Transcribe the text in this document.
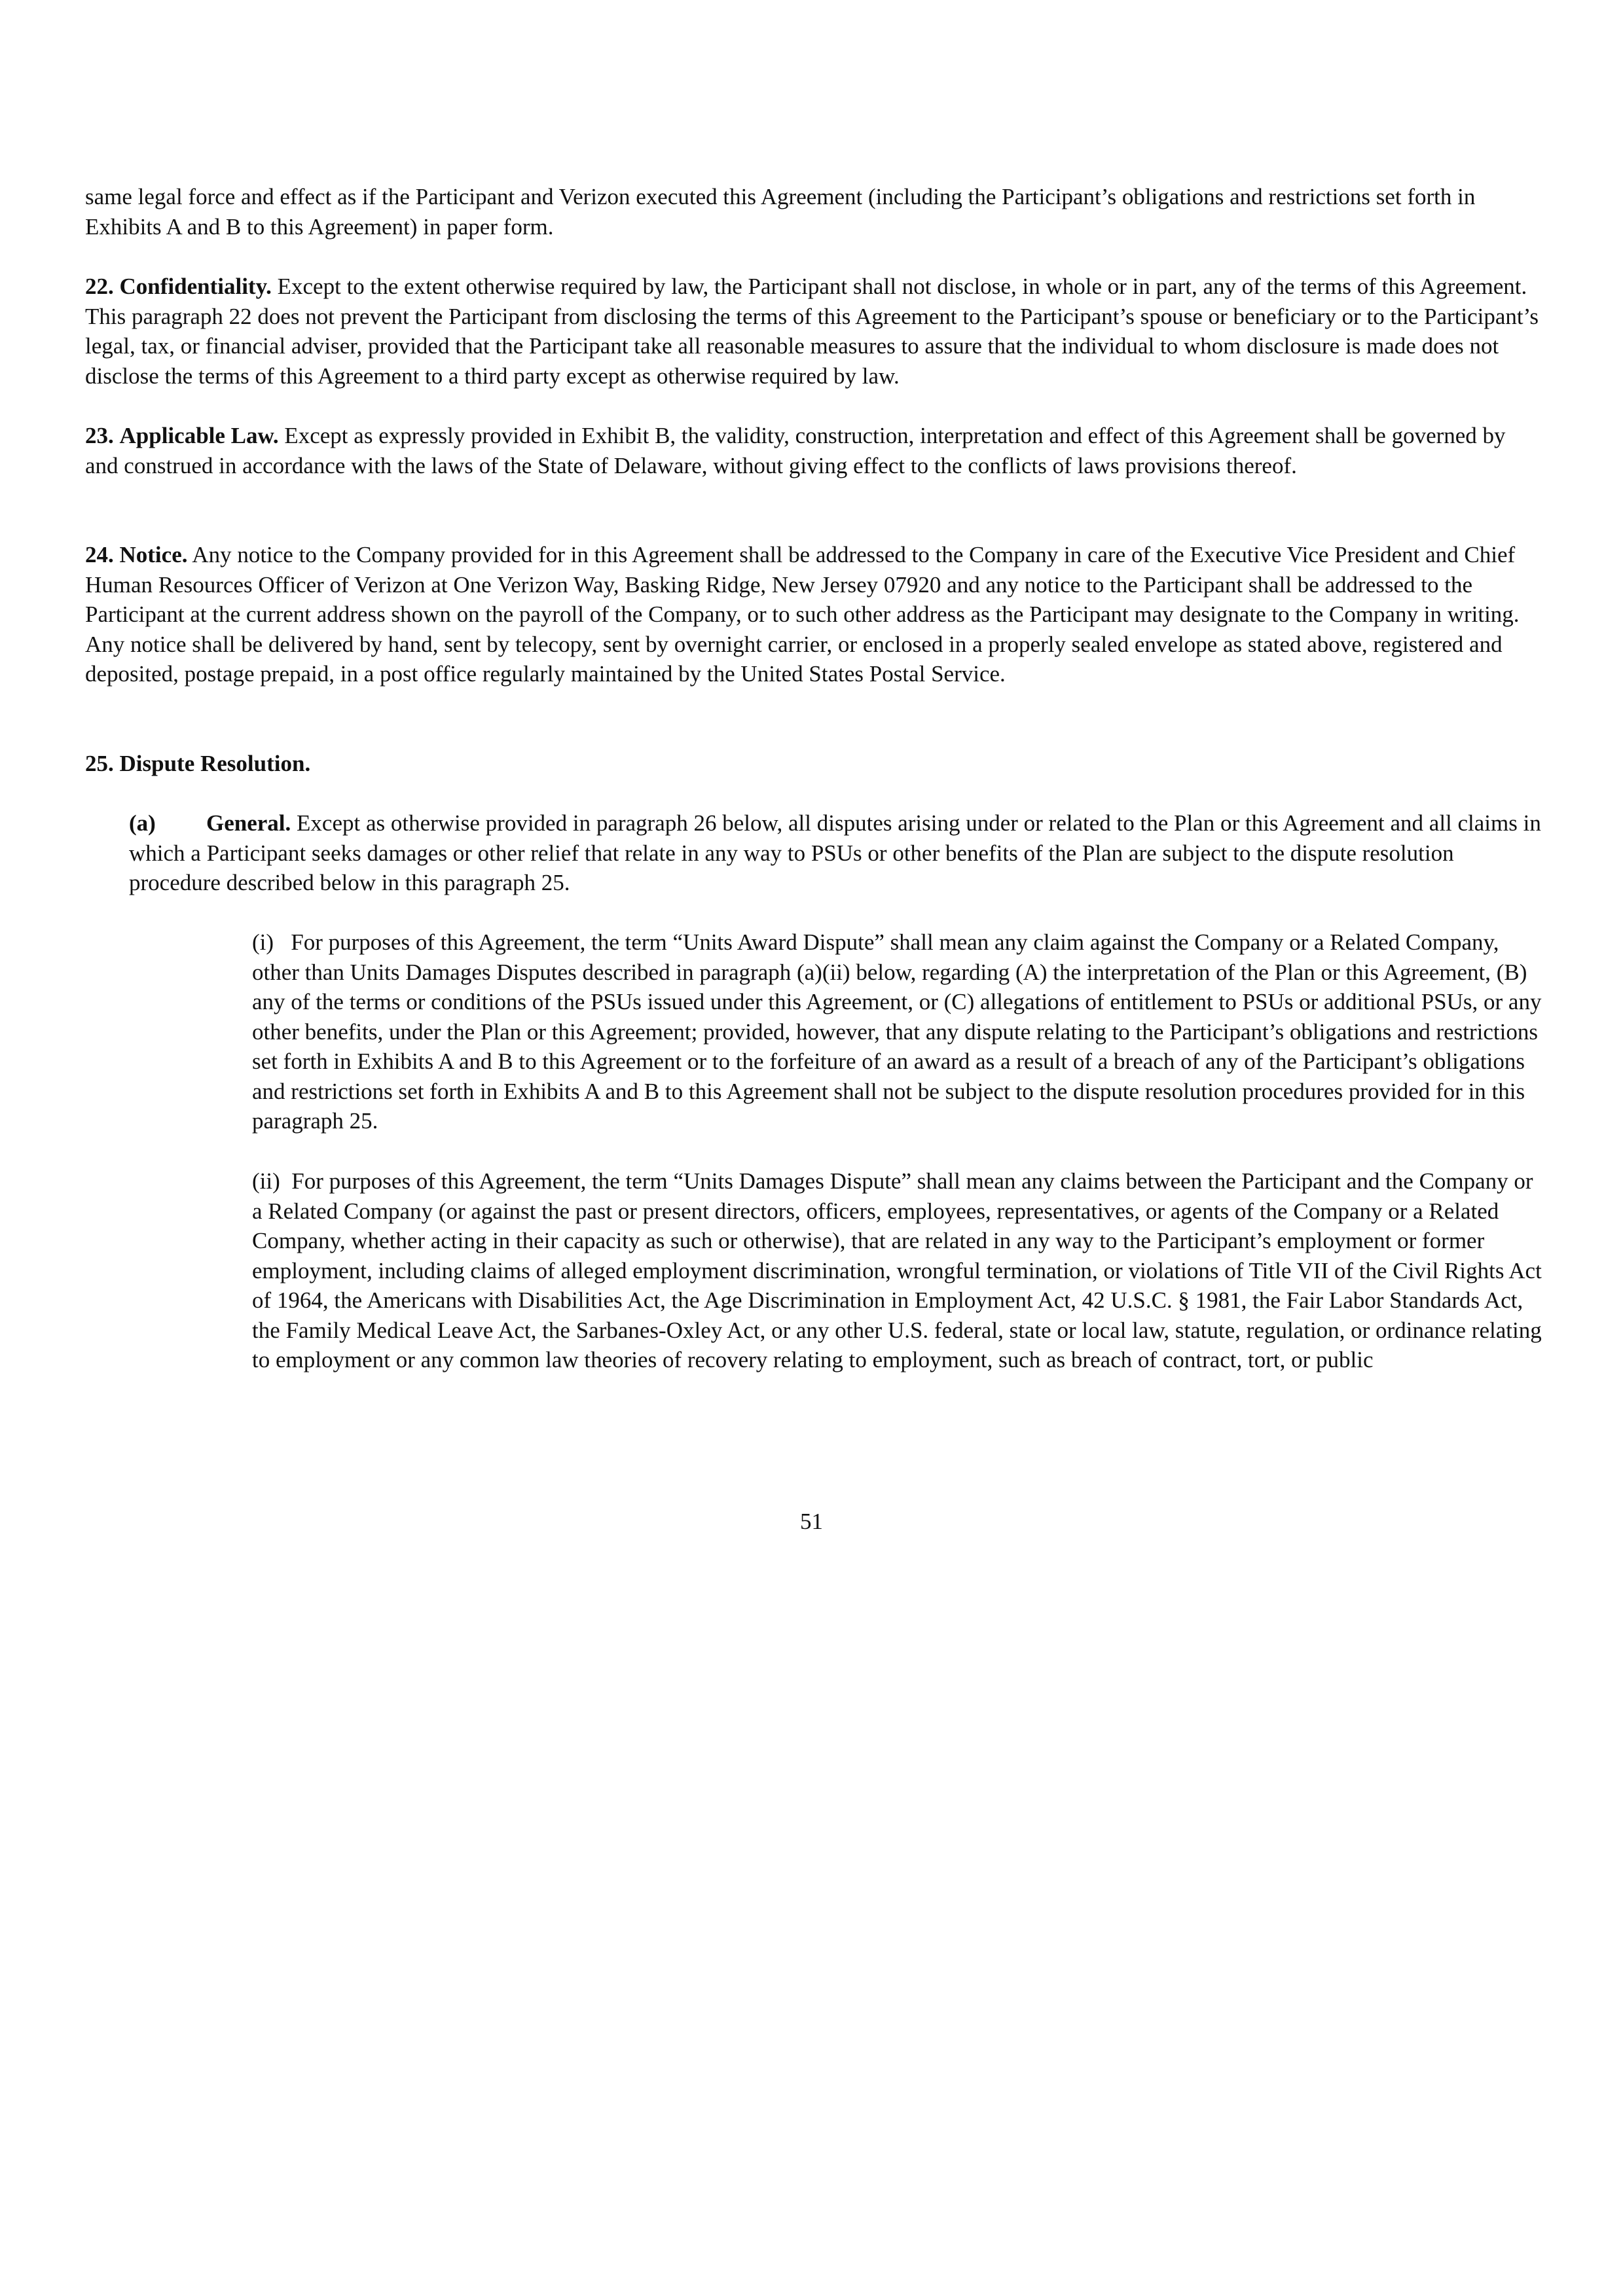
same legal force and effect as if the Participant and Verizon executed this Agreement (including the Participant’s obligations and restrictions set forth in Exhibits A and B to this Agreement) in paper form.

22. Confidentiality. Except to the extent otherwise required by law, the Participant shall not disclose, in whole or in part, any of the terms of this Agreement. This paragraph 22 does not prevent the Participant from disclosing the terms of this Agreement to the Participant’s spouse or beneficiary or to the Participant’s legal, tax, or financial adviser, provided that the Participant take all reasonable measures to assure that the individual to whom disclosure is made does not disclose the terms of this Agreement to a third party except as otherwise required by law.

23. Applicable Law. Except as expressly provided in Exhibit B, the validity, construction, interpretation and effect of this Agreement shall be governed by and construed in accordance with the laws of the State of Delaware, without giving effect to the conflicts of laws provisions thereof.

24. Notice. Any notice to the Company provided for in this Agreement shall be addressed to the Company in care of the Executive Vice President and Chief Human Resources Officer of Verizon at One Verizon Way, Basking Ridge, New Jersey 07920 and any notice to the Participant shall be addressed to the Participant at the current address shown on the payroll of the Company, or to such other address as the Participant may designate to the Company in writing. Any notice shall be delivered by hand, sent by telecopy, sent by overnight carrier, or enclosed in a properly sealed envelope as stated above, registered and deposited, postage prepaid, in a post office regularly maintained by the United States Postal Service.

25. Dispute Resolution.

(a) General. Except as otherwise provided in paragraph 26 below, all disputes arising under or related to the Plan or this Agreement and all claims in which a Participant seeks damages or other relief that relate in any way to PSUs or other benefits of the Plan are subject to the dispute resolution procedure described below in this paragraph 25.

(i)   For purposes of this Agreement, the term “Units Award Dispute” shall mean any claim against the Company or a Related Company, other than Units Damages Disputes described in paragraph (a)(ii) below, regarding (A) the interpretation of the Plan or this Agreement, (B) any of the terms or conditions of the PSUs issued under this Agreement, or (C) allegations of entitlement to PSUs or additional PSUs, or any other benefits, under the Plan or this Agreement; provided, however, that any dispute relating to the Participant’s obligations and restrictions set forth in Exhibits A and B to this Agreement or to the forfeiture of an award as a result of a breach of any of the Participant’s obligations and restrictions set forth in Exhibits A and B to this Agreement shall not be subject to the dispute resolution procedures provided for in this paragraph 25.

(ii)  For purposes of this Agreement, the term “Units Damages Dispute” shall mean any claims between the Participant and the Company or a Related Company (or against the past or present directors, officers, employees, representatives, or agents of the Company or a Related Company, whether acting in their capacity as such or otherwise), that are related in any way to the Participant’s employment or former employment, including claims of alleged employment discrimination, wrongful termination, or violations of Title VII of the Civil Rights Act of 1964, the Americans with Disabilities Act, the Age Discrimination in Employment Act, 42 U.S.C. § 1981, the Fair Labor Standards Act, the Family Medical Leave Act, the Sarbanes-Oxley Act, or any other U.S. federal, state or local law, statute, regulation, or ordinance relating to employment or any common law theories of recovery relating to employment, such as breach of contract, tort, or public

51
